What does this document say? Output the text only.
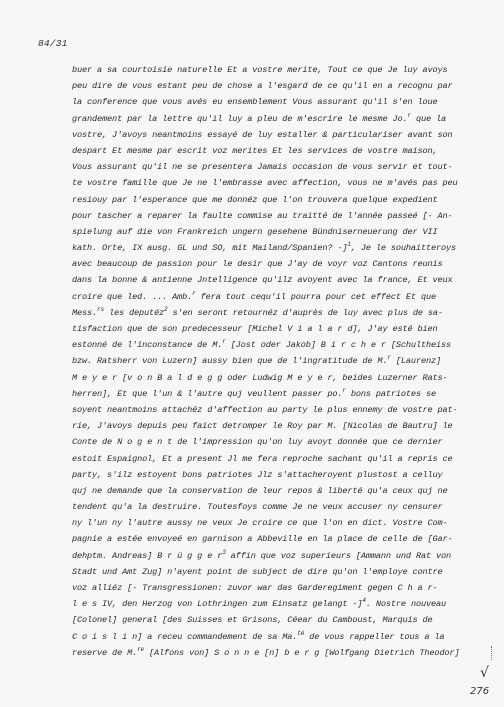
84/31
buer a sa courtoisie naturelle Et a vostre merite, Tout ce que Je luy avoys
peu dire de vous estant peu de chose a l'esgard de ce qu'il en a recognu par
la conference que vous avés eu ensemblement Vous assurant qu'il s'en loue
grandement par la lettre qu'il luy a pleu de m'escrire le mesme Jo.$^r$ que la
vostre, J'avoys neantmoins essayé de luy estaller & particulariser avant son
despart Et mesme par escrit voz merites Et les services de vostre maison,
Vous assurant qu'il ne se presentera Jamais occasion de vous servir et tout-
te vostre famille que Je ne l'embrasse avec affection, vous ne m'avés pas peu
resiouy par l'esperance que me donnéz que l'on trouvera quelque expedient
pour tascher a reparer la faulte commise au traitté de l'année passeé [- An-
spielung auf die von Frankreich ungern gesehene Bündniserneuerung der VII
kath. Orte, IX ausg. GL und SO, mit Mailand/Spanien? -]$^1$, Je le souhaitteroys
avec beaucoup de passion pour le desir que J'ay de voyr voz Cantons reunis
dans la bonne & antienne Jntelligence qu'ilz avoyent avec la france, Et veux
croire que led. ... Amb.$^r$ fera tout cequ'il pourra pour cet effect Et que
Mess.$^{rs}$ les deputéz$^2$ s'en seront retournéz d'auprès de luy avec plus de sa-
tisfaction que de son predecesseur [Michel V i a l a r d], J'ay esté bien
estonné de l'inconstance de M.$^r$ [Jost oder Jakob] B i r c h e r [Schultheiss
bzw. Ratsherr von Luzern] aussy bien que de l'ingratitude de M.$^r$ [Laurenz]
M e y e r [v o n B a l d e g g oder Ludwig M e y e r, beides Luzerner Rats-
herren], Et que l'un & l'autre quj veullent passer po.$^r$ bons patriotes se
soyent neantmoins attachéz d'affection au party le plus ennemy de vostre pat-
rie, J'avoys depuis peu faict detromper le Roy par M. [Nicolas de Bautru] le
Conte de N o g e n t de l'impression qu'on luy avoyt donnée que ce dernier
estoit Espaignol, Et a present Jl me fera reproche sachant qu'il a repris ce
party, s'ilz estoyent bons patriotes Jlz s'attacheroyent plustost a celluy
quj ne demande que la conservation de leur repos & liberté qu'a ceux quj ne
tendent qu'a la destruire. Toutesfoys comme Je ne veux accuser ny censurer
ny l'un ny l'autre aussy ne veux Je croire ce que l'on en dict. Vostre Com-
pagnie a estée envoyeé en garnison a Abbeville en la place de celle de [Gar-
dehptm. Andreas] B r ü g g e $r^3$ affin que voz superieurs [Ammann und Rat von
Stadt und Amt Zug] n'ayent point de subject de dire qu'on l'employe contre
voz alliéz [- Transgressionen: zuvor war das Garderegiment gegen C h a r-
l e s IV, den Herzog von Lothringen zum Einsatz gelangt -]$^4$. Nostre nouveau
[Colonel] general [des Suisses et Grisons, Céear du Camboust, Marquis de
C o i s l i n] a receu commandement de sa Ma.$^{té}$ de vous rappeller tous a la
reserve de M.$^{re}$ [Alfons von] S o n n e [n] b e r g [Wolfgang Dietrich Theodor]
√
276
